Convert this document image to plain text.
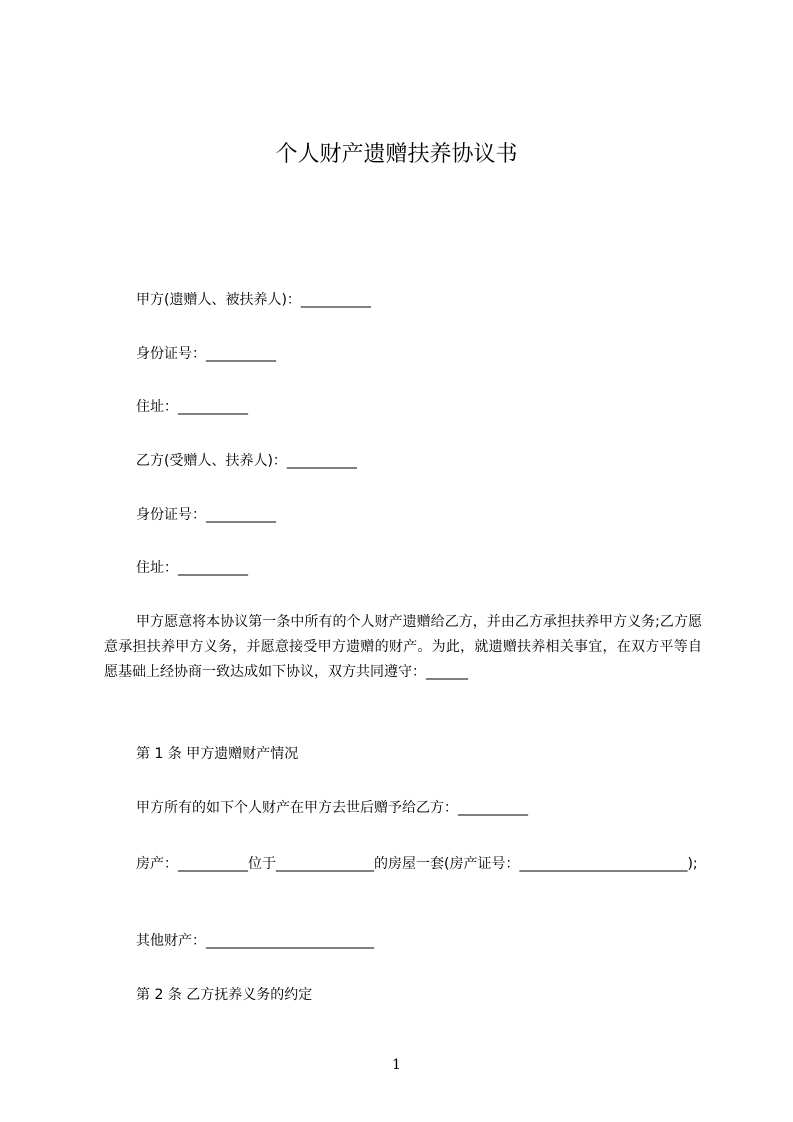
个人财产遗赠扶养协议书
甲方(遗赠人、被扶养人)：__________
身份证号：__________
住址：__________
乙方(受赠人、扶养人)：__________
身份证号：__________
住址：__________
甲方愿意将本协议第一条中所有的个人财产遗赠给乙方，并由乙方承担扶养甲方义务;乙方愿意承担扶养甲方义务，并愿意接受甲方遗赠的财产。为此，就遗赠扶养相关事宜，在双方平等自愿基础上经协商一致达成如下协议，双方共同遵守：______
第 1 条 甲方遗赠财产情况
甲方所有的如下个人财产在甲方去世后赠予给乙方：__________
房产：__________位于______________的房屋一套(房产证号：________________________);
其他财产：________________________
第 2 条 乙方抚养义务的约定
1
